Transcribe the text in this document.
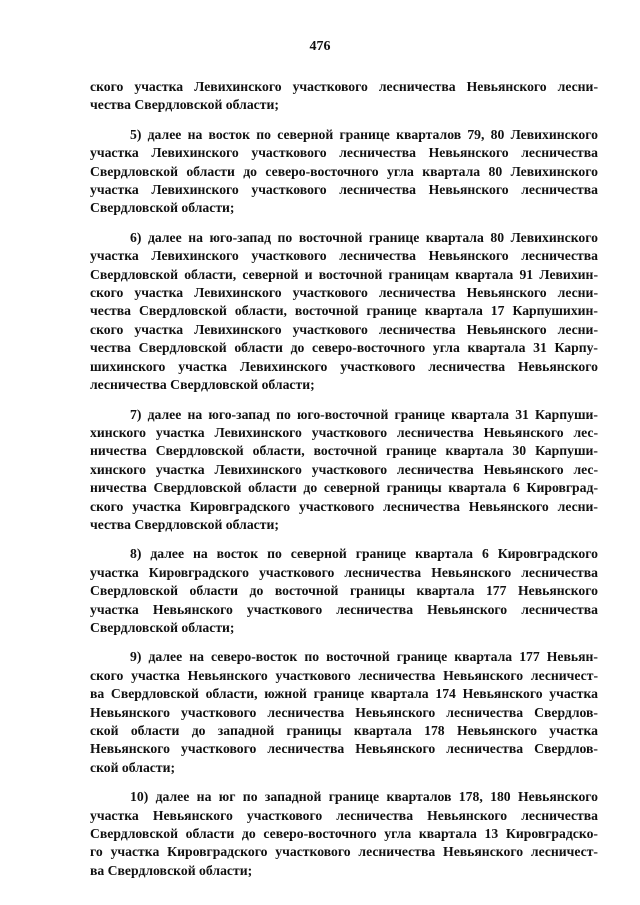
476
ского участка Левихинского участкового лесничества Невьянского лесни-
чества Свердловской области;
5) далее на восток по северной границе кварталов 79, 80 Левихинского
участка Левихинского участкового лесничества Невьянского лесничества
Свердловской области до северо-восточного угла квартала 80 Левихинского
участка Левихинского участкового лесничества Невьянского лесничества
Свердловской области;
6) далее на юго-запад по восточной границе квартала 80 Левихинского
участка Левихинского участкового лесничества Невьянского лесничества
Свердловской области, северной и восточной границам квартала 91 Левихин-
ского участка Левихинского участкового лесничества Невьянского лесни-
чества Свердловской области, восточной границе квартала 17 Карпушихин-
ского участка Левихинского участкового лесничества Невьянского лесни-
чества Свердловской области до северо-восточного угла квартала 31 Карпу-
шихинского участка Левихинского участкового лесничества Невьянского
лесничества Свердловской области;
7) далее на юго-запад по юго-восточной границе квартала 31 Карпуши-
хинского участка Левихинского участкового лесничества Невьянского лес-
ничества Свердловской области, восточной границе квартала 30 Карпуши-
хинского участка Левихинского участкового лесничества Невьянского лес-
ничества Свердловской области до северной границы квартала 6 Кировград-
ского участка Кировградского участкового лесничества Невьянского лесни-
чества Свердловской области;
8) далее на восток по северной границе квартала 6 Кировградского
участка Кировградского участкового лесничества Невьянского лесничества
Свердловской области до восточной границы квартала 177 Невьянского
участка Невьянского участкового лесничества Невьянского лесничества
Свердловской области;
9) далее на северо-восток по восточной границе квартала 177 Невьян-
ского участка Невьянского участкового лесничества Невьянского лесничест-
ва Свердловской области, южной границе квартала 174 Невьянского участка
Невьянского участкового лесничества Невьянского лесничества Свердлов-
ской области до западной границы квартала 178 Невьянского участка
Невьянского участкового лесничества Невьянского лесничества Свердлов-
ской области;
10) далее на юг по западной границе кварталов 178, 180 Невьянского
участка Невьянского участкового лесничества Невьянского лесничества
Свердловской области до северо-восточного угла квартала 13 Кировградско-
го участка Кировградского участкового лесничества Невьянского лесничест-
ва Свердловской области;
